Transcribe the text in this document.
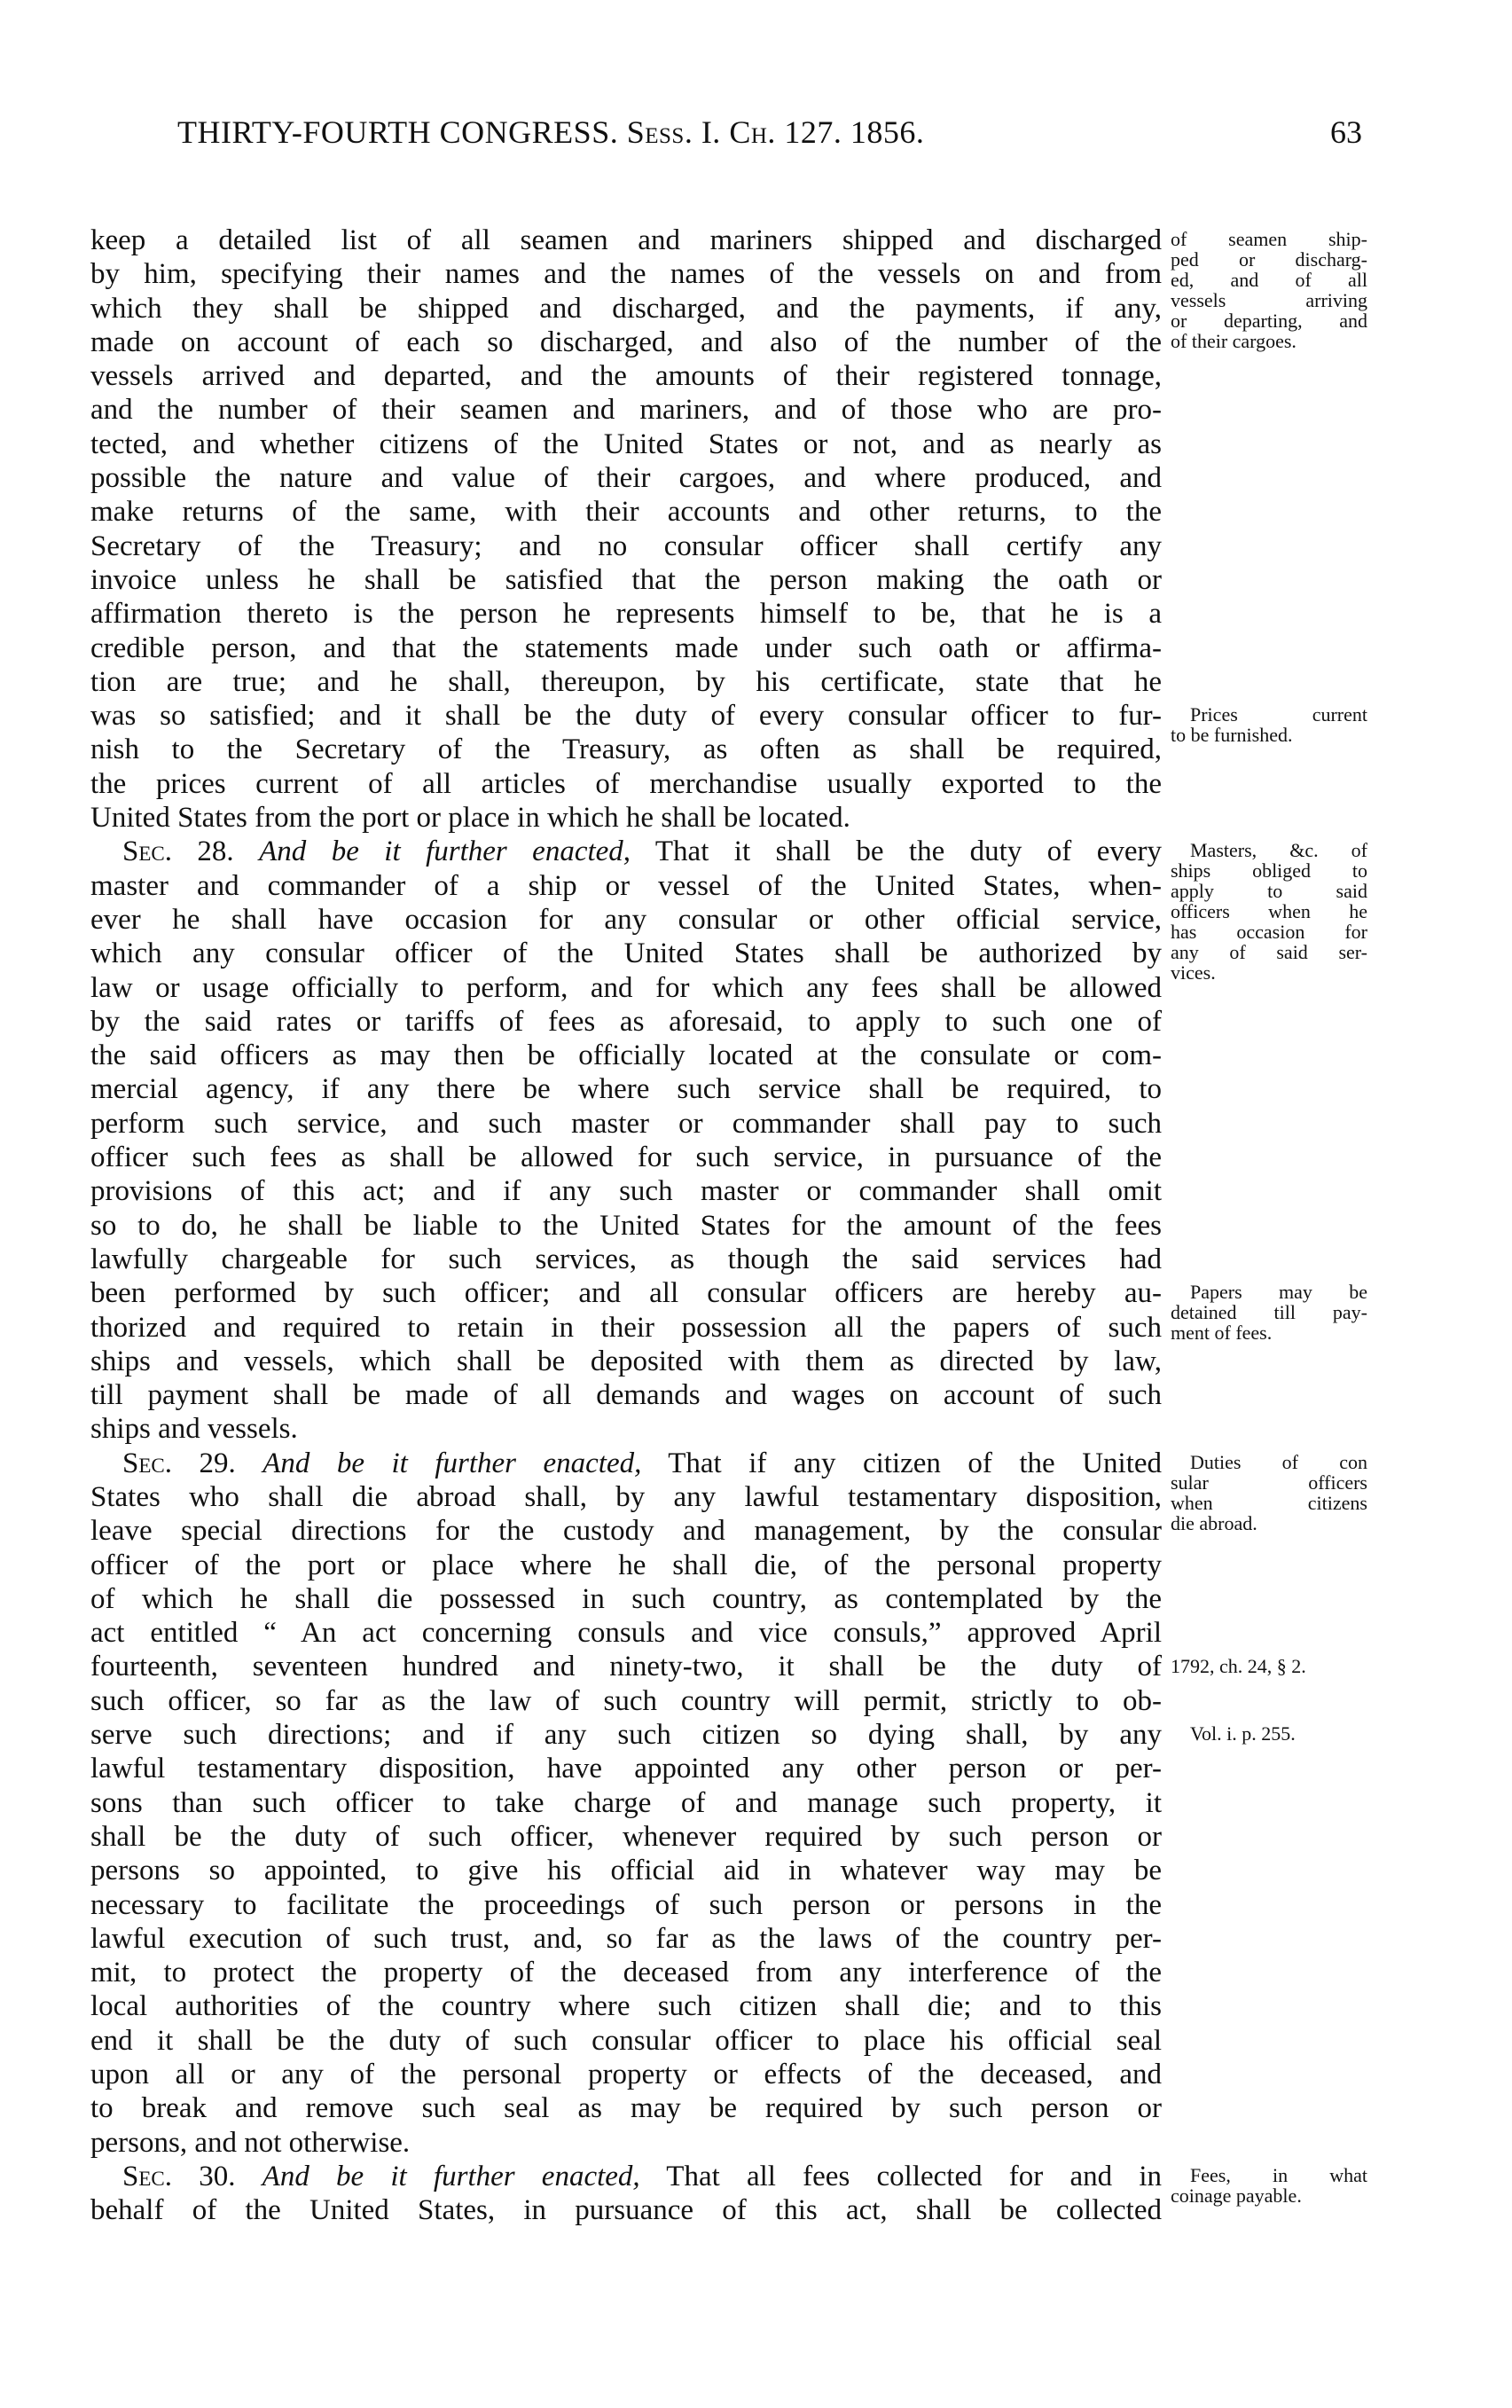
THIRTY-FOURTH CONGRESS. Sess. I. Ch. 127. 1856.	63
keep a detailed list of all seamen and mariners shipped and discharged
by him, specifying their names and the names of the vessels on and from
which they shall be shipped and discharged, and the payments, if any,
made on account of each so discharged, and also of the number of the
vessels arrived and departed, and the amounts of their registered tonnage,
and the number of their seamen and mariners, and of those who are pro-
tected, and whether citizens of the United States or not, and as nearly as
possible the nature and value of their cargoes, and where produced, and
make returns of the same, with their accounts and other returns, to the
Secretary of the Treasury; and no consular officer shall certify any
invoice unless he shall be satisfied that the person making the oath or
affirmation thereto is the person he represents himself to be, that he is a
credible person, and that the statements made under such oath or affirma-
tion are true; and he shall, thereupon, by his certificate, state that he
was so satisfied; and it shall be the duty of every consular officer to fur-
nish to the Secretary of the Treasury, as often as shall be required,
the prices current of all articles of merchandise usually exported to the
United States from the port or place in which he shall be located.
Sec. 28. And be it further enacted, That it shall be the duty of every
master and commander of a ship or vessel of the United States, when-
ever he shall have occasion for any consular or other official service,
which any consular officer of the United States shall be authorized by
law or usage officially to perform, and for which any fees shall be allowed
by the said rates or tariffs of fees as aforesaid, to apply to such one of
the said officers as may then be officially located at the consulate or com-
mercial agency, if any there be where such service shall be required, to
perform such service, and such master or commander shall pay to such
officer such fees as shall be allowed for such service, in pursuance of the
provisions of this act; and if any such master or commander shall omit
so to do, he shall be liable to the United States for the amount of the fees
lawfully chargeable for such services, as though the said services had
been performed by such officer; and all consular officers are hereby au-
thorized and required to retain in their possession all the papers of such
ships and vessels, which shall be deposited with them as directed by law,
till payment shall be made of all demands and wages on account of such
ships and vessels.
Sec. 29. And be it further enacted, That if any citizen of the United
States who shall die abroad shall, by any lawful testamentary disposition,
leave special directions for the custody and management, by the consular
officer of the port or place where he shall die, of the personal property
of which he shall die possessed in such country, as contemplated by the
act entitled “ An act concerning consuls and vice consuls,” approved April
fourteenth, seventeen hundred and ninety-two, it shall be the duty of
such officer, so far as the law of such country will permit, strictly to ob-
serve such directions; and if any such citizen so dying shall, by any
lawful testamentary disposition, have appointed any other person or per-
sons than such officer to take charge of and manage such property, it
shall be the duty of such officer, whenever required by such person or
persons so appointed, to give his official aid in whatever way may be
necessary to facilitate the proceedings of such person or persons in the
lawful execution of such trust, and, so far as the laws of the country per-
mit, to protect the property of the deceased from any interference of the
local authorities of the country where such citizen shall die; and to this
end it shall be the duty of such consular officer to place his official seal
upon all or any of the personal property or effects of the deceased, and
to break and remove such seal as may be required by such person or
persons, and not otherwise.
Sec. 30. And be it further enacted, That all fees collected for and in
behalf of the United States, in pursuance of this act, shall be collected
of seamen ship-
ped or discharg-
ed, and of all
vessels arriving
or departing, and
of their cargoes.
Prices current
to be furnished.
Masters, &c. of
ships obliged to
apply to said
officers when he
has occasion for
any of said ser-
vices.
Papers may be
detained till pay-
ment of fees.
Duties of con
sular officers
when citizens
die abroad.
1792, ch. 24, § 2.
Vol. i. p. 255.
Fees, in what
coinage payable.
